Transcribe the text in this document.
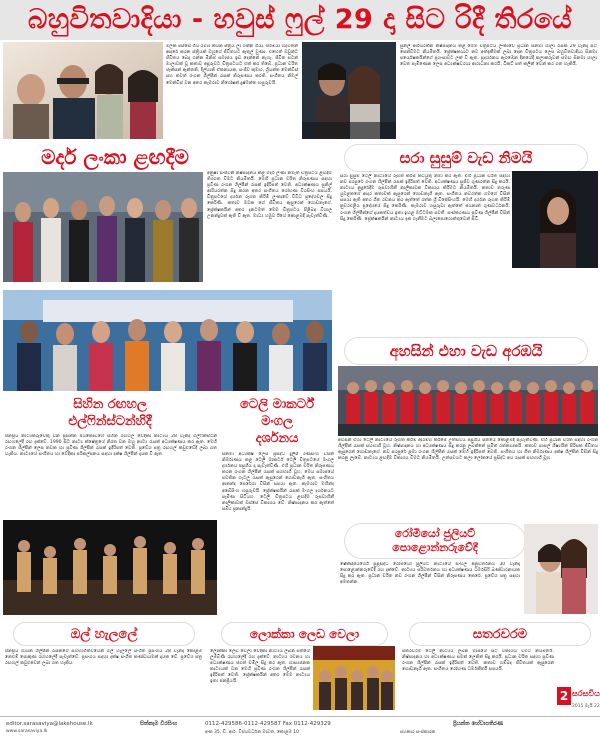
බහුවිතවාදියා - හවුස් ෆුල් 29 දා සිට රිදී තිරයේ
මලක පස්සේ ගිය රම්‍යා කියන ස්ත්‍රිය ලා ගන්න ගියා. පිරිමියා හදවතින් ආදරේ කරන ස්ත්‍රියක් ඔහුගේ ජීවිතයට ඇතුල් වුණා. එහෙත් ඔවුන්ට ජීවිතය බෙදා ගන්න මිනිස් සමාජය ඉඩ දෙන්නේ නැහැ. ජීවිත සටන් මාලාවක් වූ කතාව අපූරුවට චිත්‍රපටයට එක් කර තිබේ. ප්‍රධාන චරිත ජැක්සන් ඇන්තනි, දිල්හානි ඒකනායක, සංජීව කුමාර, ශ්‍රියන්ත මෙන්ඩිස් සහ තවත් රංගන ශිල්පීන් රැසක් නිරූපණය කරති. සංගීතය නිමල් මෙන්ඩිස් වන අතර කැමරාව නිරෝෂන් දුෂ්මන්ත හසුරුවයි.
සුනිල් ආරියරත්න නිෂ්පාදනය කළ මෙම චිත්‍රපටය ලංකාවේ ප්‍රධාන සිනමා ශාලා රැසක 29 වැනිදා සිට පෙන්වීමට නියමිතයි. ප්‍රේක්ෂකයාට නව අත්දැකීමක් ලබා දෙන චිත්‍රපටය ලෙස බහුවිතවාදියා සිනමා පර්යේෂකයින්ගේ ප්‍රශංසාවට ලක් වී ඇත. ප්‍රදර්ශනය ඇරඹෙන දිනයේදී කලාකරුවන් සමඟ සිනමා ශාලා වෙත පැමිණෙන ලෙස අධ්‍යක්ෂවරයා ආරාධනා කරයි. ටිකට් පත් කලින් වෙන් කර ගත හැකියි.
මදර් ලංකා ළඟදීම
අනුෂා සංජීවනී නිෂ්පාදනය කළ මදර් ලංකා නමැති චිත්‍රපටය ළඟදීම තිරගත වීමට නියමිතයි. මෙහි ප්‍රධාන චරිත නිරූපණය සඳහා ප්‍රවීණ රංගන ශිල්පීන් රැසක් ඉදිරිපත් වෙති. අධ්‍යක්ෂණය සුනිල් ආරියරත්න සිදු කරන අතර සංගීතය රෝහණ වීරසිංහ සපයයි. චිත්‍රපටයේ දර්ශන රූගත කිරීම් ලංකාවේ විවිධ ප්‍රදේශවල සිදු කෙරිණි. කතාව මවක ගේ ජීවිතය ඇසුරෙන් ගොඩනැගේ. ප්‍රේක්ෂකයින් අතර දැනටමත් මෙම චිත්‍රපටය පිළිබඳ විශාල උනන්දුවක් ඇති වී ඇත. මාධ්‍ය හමුව ඊයේ කොළඹදී පැවැත්විණි.
සරා සුසුම් වැඩ නිමයි
සරා සුසුම් ටෙලි නාට්‍යයේ රූගත කිරීම් කටයුතු නිමා කර ඇත. එහි ප්‍රධාන චරිත සඳහා නව පරපුරේ රංගන ශිල්පීන් රැසක් ඉදිරිපත් වෙති. අධ්‍යක්ෂණය සුජීව ගුණරත්න සිදු කරයි. නාට්‍යය නුදුරේදීම රූපවාහිනී නාලිකාවක විකාශය කිරීමට නියමිතයි. කතාව තරුණ යුවළකගේ ආදර කතාවක් ඇසුරෙන් ගොඩනැගී ඇත. සංගීතය නවරත්න ගමගේ විසින් සපයා ඇති අතර ගීත රචනය කර ඇත්තේ රත්න ශ්‍රී විජේසිංහයි. මෙහි දර්ශන රූගත කිරීම් නුවරඑළිය ප්‍රදේශයේ සිදු කෙරිණි. කැමරාව හසුරුවා ඇත්තේ ජයනාත් ගුණවර්ධනයි. රංගන ශිල්පීන්ගේ දායකත්වය ඉතා ඉහළ මට්ටමක පවතී. සංස්කරණය ප්‍රවීණ ශිල්පීන් විසින් සිදු කෙරිණි. ප්‍රේක්ෂකයින් නාට්‍යය දැක ගැනීමට බලාපොරොත්තුවෙන් සිටී.
අහසින් එහා වැඩ අරඹයි
අහසින් එහා ටෙලි නාට්‍යයේ රූගත කිරීම් ආරම්භ කිරීමේ උත්සවය පසුගිය සතියේ කොළඹදී පැවැත්විණි. එහි ප්‍රධාන චරිත සඳහා රංගන ශිල්පීන් රැසක් සහභාගී වූහ. නිෂ්පාදනය හා අධ්‍යක්ෂණය සිදු කරනු ලබන්නේ සුමිත් රත්නායකයි. කතාව පාසල් ශිෂ්‍යයින් පිරිසක ජීවිතය ඇසුරෙන් ගොඩනැගේ. නව පරපුරේ ළමා රංගන ශිල්පීන් රැසක් මෙහි ඉදිරිපත් වෙති. සංගීතය හා ගීත නිර්මාණය දක්ෂ ශිල්පීන් විසින් සිදු කරනු ලැබේ. නාට්‍යය ළඟදීම විකාශය වීමට නියමිතයි. උත්සවයට කලා ලෝකයේ ප්‍රසිද්ධ අය රැසක් සහභාගී වූහ.
සිහින රඟහල
එල්ෆින්ස්ටන්හිදී
ජනප්‍රිය නාට්‍යකරුවෙකු වන ප්‍රසන්න ජයකොඩිගේ සිහින රඟහල වේදිකා නාට්‍යය 28 වැනිදා එල්ෆින්ස්ටන් රඟහලේදී රඟ දැක්වේ. 1990 සිට නාට්‍ය ක්ෂේත්‍රයේ නිරත වන ඔහු නාට්‍ය රැසක් අධ්‍යක්ෂණය කර ඇත. මෙහි රංගන ශිල්පීන් ලෙස නවක හා ප්‍රවීණ ශිල්පීන් රැසක් ඉදිරිපත් වෙති. ප්‍රවේශ පත්‍ර රඟහල් කවුළුවේදී ලබා ගත හැකිය. නාට්‍යයේ සංගීතය හා වේදිකා පරිකල්පනය සඳහා දක්ෂ ශිල්පීන් දායක වී ඇත.
ටෙලි මාකර්ට්
මංගල
දර්ශනය
සිනමා අධ්‍යක්ෂ ලෙස ප්‍රසිද්ධ දුලිප් රණසිංහ විසින් නිර්මාණය කළ ටෙලි මාකර්ට් ටෙලි චිත්‍රපටයේ මංගල දර්ශනය පසුගිය දා පැවැත්විණි. එහි ප්‍රධාන චරිත නිරූපණය කරන රංගන ශිල්පීන් රැසක් සහභාගී වූහ. මෙය සමාජයේ පවතින ගැටලු රැසක් ඇසුරෙන් ගොඩනැගී ඇත. සංගීතය ආනන්ද පෙරේරා විසින් සපයා ඇත. කැමරාව මහින්ද අබේසිංහ හසුරුවයි. ප්‍රේක්ෂකයින් රැසක් මංගල දර්ශනයට පැමිණ සිටියහ. ටෙලි චිත්‍රපටය ළඟදීම රූපවාහිනී නාලිකාවක් ඔස්සේ විකාශය වේ. නිෂ්පාදනය කර ඇත්තේ සමීර ප්‍රනාන්දුයි.
රෝමියෝ ජුලියට්
පොළොන්නරුවේදී
ෂේක්ස්පියර්ගේ සුප්‍රසිද්ධ රෝමියෝ ජුලියට් නාට්‍යයේ සිංහල අනුවර්තනය 30 වැනිදා පොළොන්නරුවේදී රඟ දැක්වේ. නාට්‍යය පරිවර්තනය හා අධ්‍යක්ෂණය ධර්මසිරි බණ්ඩාරනායක සිදු කර ඇත. ප්‍රධාන චරිත නව රංගන ශිල්පීන් විසින් නිරූපණය කෙරේ. ප්‍රවේශ පත්‍ර සඳහා අමතන්න.
ඔල් හැලලේ
ජනප්‍රිය ගායන ශිල්පීන් රැසකගේ සහභාගීත්වයෙන් ඔල් හැලලේ සංගීත ප්‍රසංගය 28 වැනිදා කොළඹ නෙළුම් පොකුණ රඟහලේදී පැවැත්වේ. ප්‍රසංගය සඳහා දක්ෂ සංගීත කණ්ඩායමක් දායක වේ. ප්‍රවේශ පත්‍ර රඟහල් කවුළුවෙන් ලබා ගත හැකිය.
ලොක්කා ලෙඩ වෙලා
ලොක්කා ලෙඩ වෙලා වේදිකා නාට්‍යය ලබන සතියේ ලුම්බිණි රඟහලේදී රඟ දැක්වේ. නාට්‍යය රචනය හා අධ්‍යක්ෂණය ජගත් චමිල සිදු කර ඇත. හාස්‍යජනක නාට්‍යයක් වන මෙහි ප්‍රවීණ රංගන ශිල්පීන් රැසක් ඉදිරිපත් වෙති. ප්‍රේක්ෂකයින් අතර මෙම නාට්‍යය ඉතා ජනප්‍රියයි.
සතරවරම
සතරවරම ටෙලි නාට්‍යය ලබන මාසයේ සිට විකාශය වීමට නියමිතයි. නිෂ්පාදනය හා අධ්‍යක්ෂණය සමන් ලෙනින් සිදු කරයි. ප්‍රධාන චරිත සඳහා ප්‍රවීණ රංගන ශිල්පීන් රැසක් ඉදිරිපත් වෙති. කතාව ගම්බද ජීවිතයක් ඇසුරෙන් ගොඩනැගී ඇත. සංගීතය රෝහණ ධර්මකීර්ති සපයයි.
2 සරසවිය
2015 මැයි 22
editor.sarasaviya@lakehouse.lk	සිත්කෑම වීරසිංහ	0112-429586-0112-429587 Fax 0112-429329	ප්‍රියන්ත හේවාපතිරණ
අංක 35, ඩී. ආර්. විජයවර්ධන මාවත, කොළඹ 10	සහකාර සංස්කාරක
www.sarasaviya.lk
